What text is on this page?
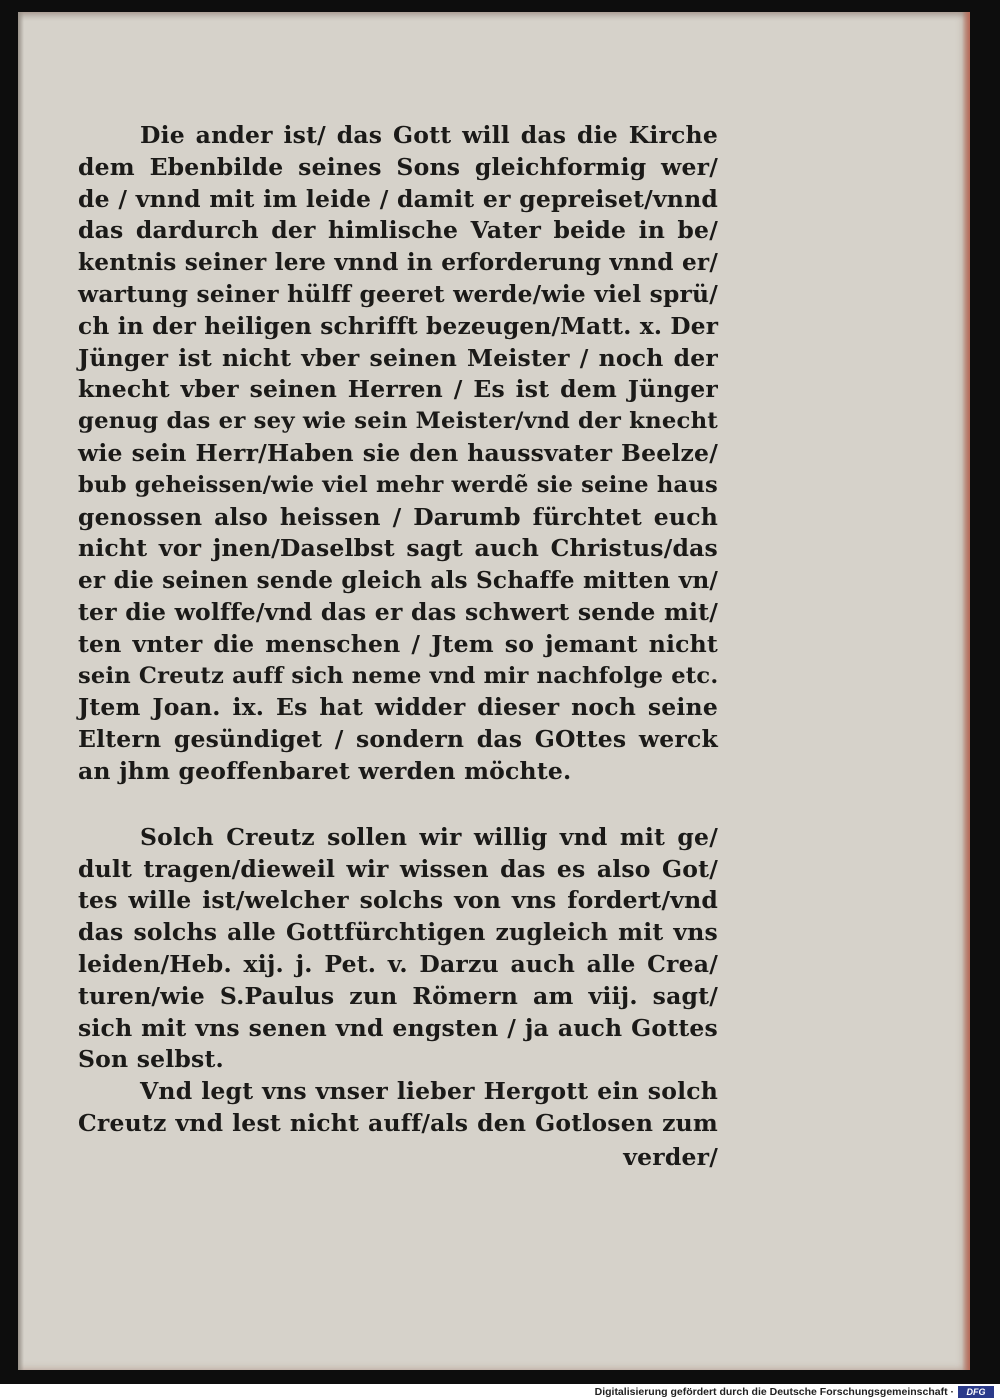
Die ander ist/ das Gott will das die Kirche
dem Ebenbilde seines Sons gleichformig wer/
de / vnnd mit im leide / damit er gepreiset/vnnd
das dardurch der himlische Vater beide in be/
kentnis seiner lere vnnd in erforderung vnnd er/
wartung seiner hülff geeret werde/wie viel sprü/
ch in der heiligen schrifft bezeugen/Matt. x. Der
Jünger ist nicht vber seinen Meister / noch der
knecht vber seinen Herren / Es ist dem Jünger
genug das er sey wie sein Meister/vnd der knecht
wie sein Herr/Haben sie den haussvater Beelze/
bub geheissen/wie viel mehr werdẽ sie seine haus
genossen also heissen / Darumb fürchtet euch
nicht vor jnen/Daselbst sagt auch Christus/das
er die seinen sende gleich als Schaffe mitten vn/
ter die wolffe/vnd das er das schwert sende mit/
ten vnter die menschen / Jtem so jemant nicht
sein Creutz auff sich neme vnd mir nachfolge etc.
Jtem Joan. ix. Es hat widder dieser noch seine
Eltern gesündiget / sondern das GOttes werck
an jhm geoffenbaret werden möchte.
Solch Creutz sollen wir willig vnd mit ge/
dult tragen/dieweil wir wissen das es also Got/
tes wille ist/welcher solchs von vns fordert/vnd
das solchs alle Gottfürchtigen zugleich mit vns
leiden/Heb. xij. j. Pet. v. Darzu auch alle Crea/
turen/wie S.Paulus zun Römern am viij. sagt/
sich mit vns senen vnd engsten / ja auch Gottes
Son selbst.
Vnd legt vns vnser lieber Hergott ein solch
Creutz vnd lest nicht auff/als den Gotlosen zum
verder/
Digitalisierung gefördert durch die Deutsche Forschungsgemeinschaft ·	DFG
